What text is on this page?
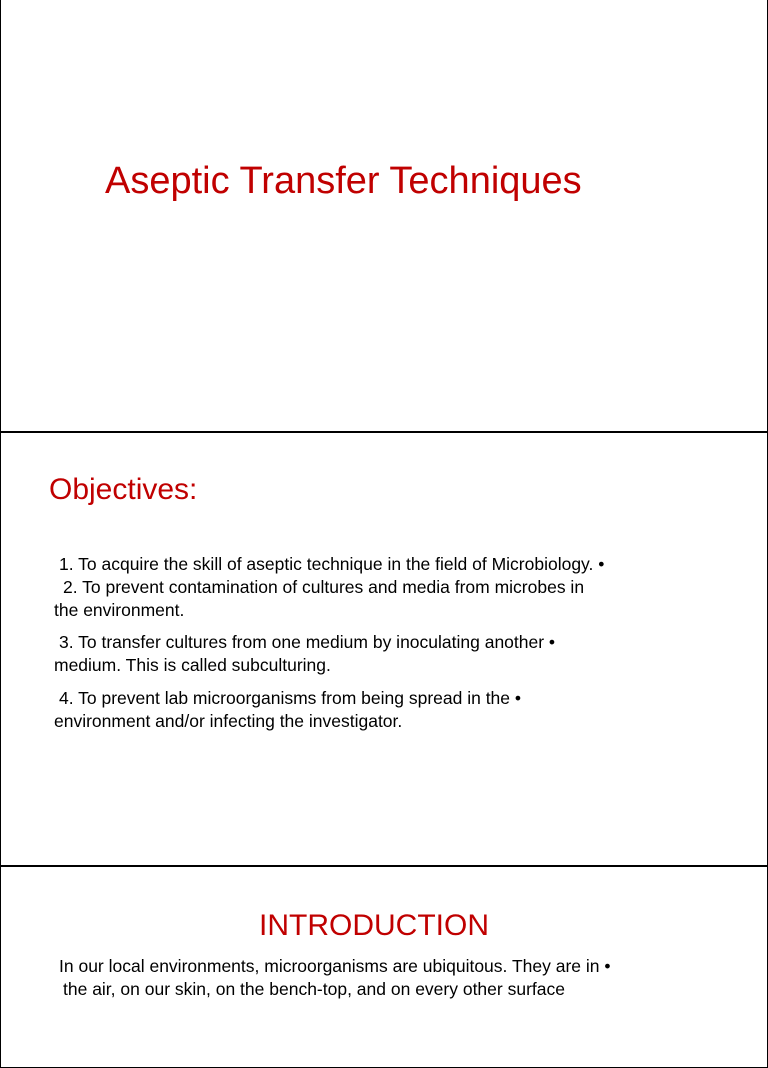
Aseptic Transfer Techniques
Objectives:
1. To acquire the skill of aseptic technique in the field of Microbiology. •
2. To prevent contamination of cultures and media from microbes in
the environment.
3. To transfer cultures from one medium by inoculating another •
medium. This is called subculturing.
4. To prevent lab microorganisms from being spread in the •
environment and/or infecting the investigator.
INTRODUCTION
In our local environments, microorganisms are ubiquitous. They are in •
the air, on our skin, on the bench-top, and on every other surface
